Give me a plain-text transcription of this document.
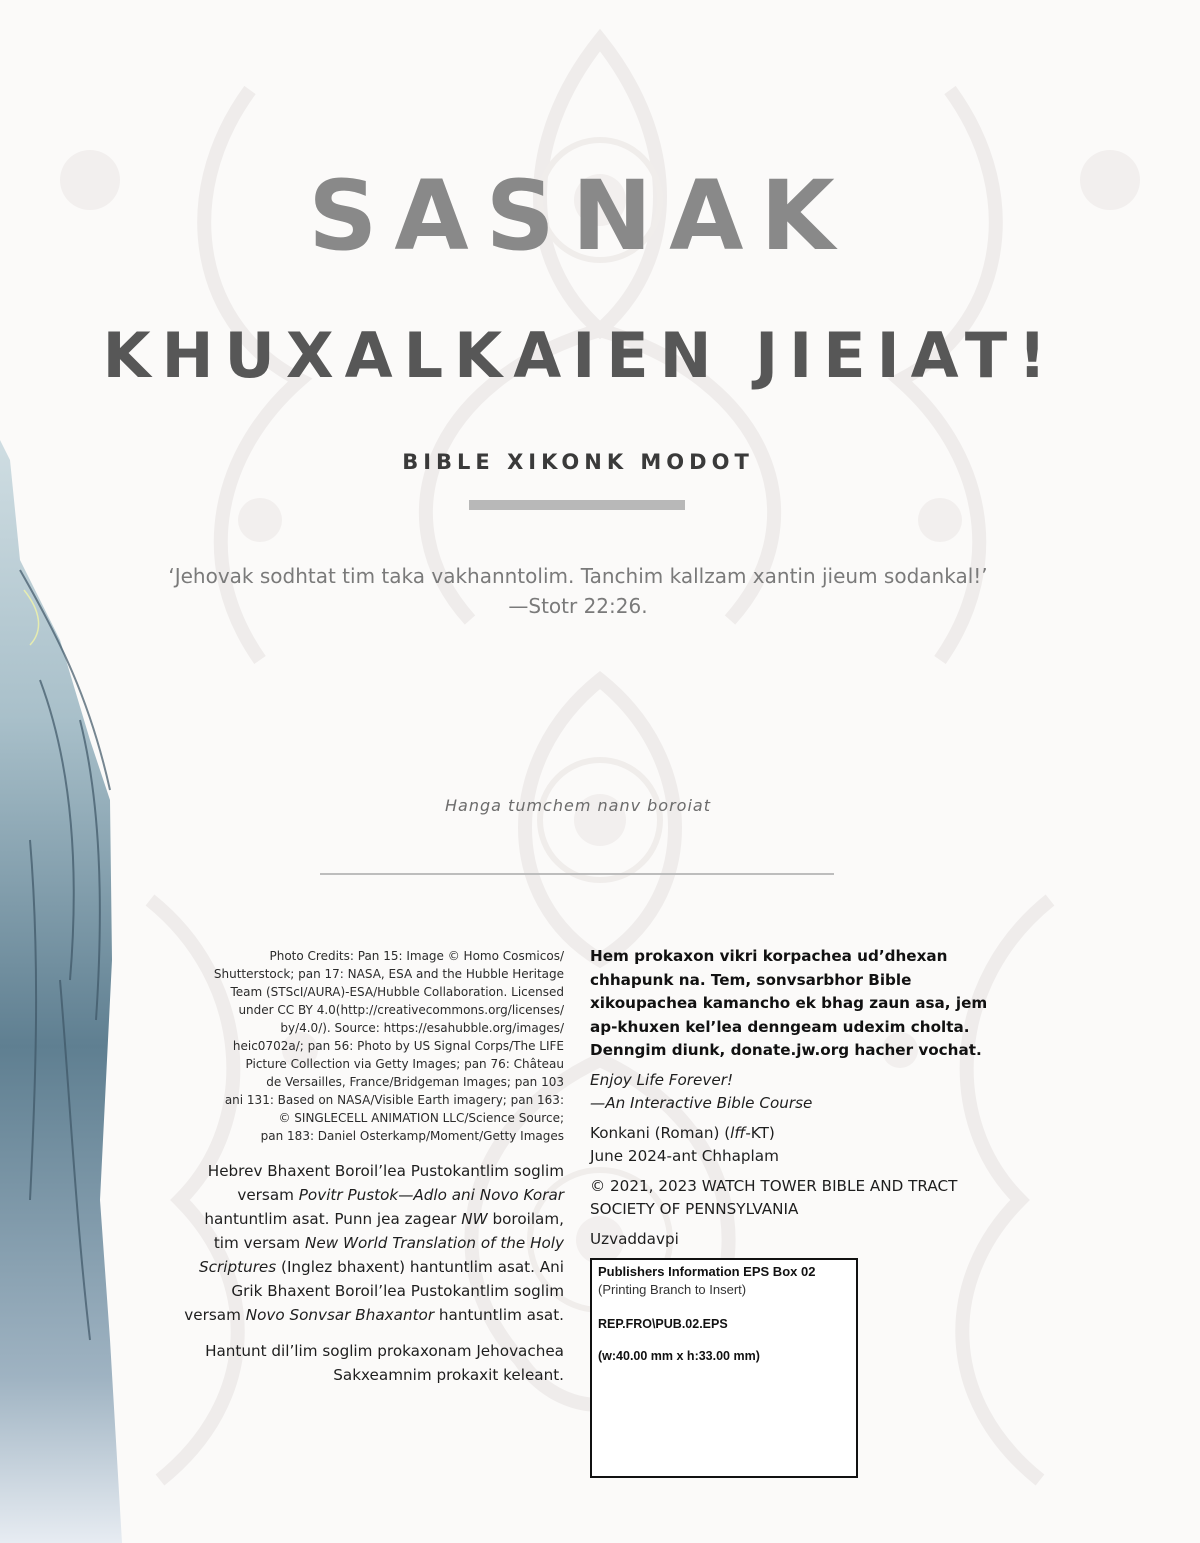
SASNAK
KHUXALKAIEN JIEIAT!
BIBLE XIKONK MODOT
‘Jehovak sodhtat tim taka vakhanntolim. Tanchim kallzam xantin jieum sodankal!’
—Stotr 22:26.
Hanga tumchem nanv boroiat
Photo Credits: Pan 15: Image © Homo Cosmicos/
Shutterstock; pan 17: NASA, ESA and the Hubble Heritage
Team (STScI/AURA)-ESA/Hubble Collaboration. Licensed
under CC BY 4.0(http://creativecommons.org/licenses/
by/4.0/). Source: https://esahubble.org/images/
heic0702a/; pan 56: Photo by US Signal Corps/The LIFE
Picture Collection via Getty Images; pan 76: Château
de Versailles, France/Bridgeman Images; pan 103
ani 131: Based on NASA/Visible Earth imagery; pan 163:
© SINGLECELL ANIMATION LLC/Science Source;
pan 183: Daniel Osterkamp/Moment/Getty Images

Hebrev Bhaxent Boroil’lea Pustokantlim soglim versam Povitr Pustok—Adlo ani Novo Korar hantuntlim asat. Punn jea zagear NW boroilam, tim versam New World Translation of the Holy Scriptures (Inglez bhaxent) hantuntlim asat. Ani Grik Bhaxent Boroil’lea Pustokantlim soglim versam Novo Sonvsar Bhaxantor hantuntlim asat.

Hantunt dil’lim soglim prokaxonam Jehovachea Sakxeamnim prokaxit keleant.

Hem prokaxon vikri korpachea ud’dhexan chhapunk na. Tem, sonvsarbhor Bible xikoupachea kamancho ek bhag zaun asa, jem ap-khuxen kel’lea denngeam udexim cholta. Denngim diunk, donate.jw.org hacher vochat.

Enjoy Life Forever!
—An Interactive Bible Course

Konkani (Roman) (lff-KT)
June 2024-ant Chhaplam

© 2021, 2023 WATCH TOWER BIBLE AND TRACT
SOCIETY OF PENNSYLVANIA

Uzvaddavpi

Publishers Information EPS Box 02
(Printing Branch to Insert)
REP.FRO\PUB.02.EPS
(w:40.00 mm x h:33.00 mm)
